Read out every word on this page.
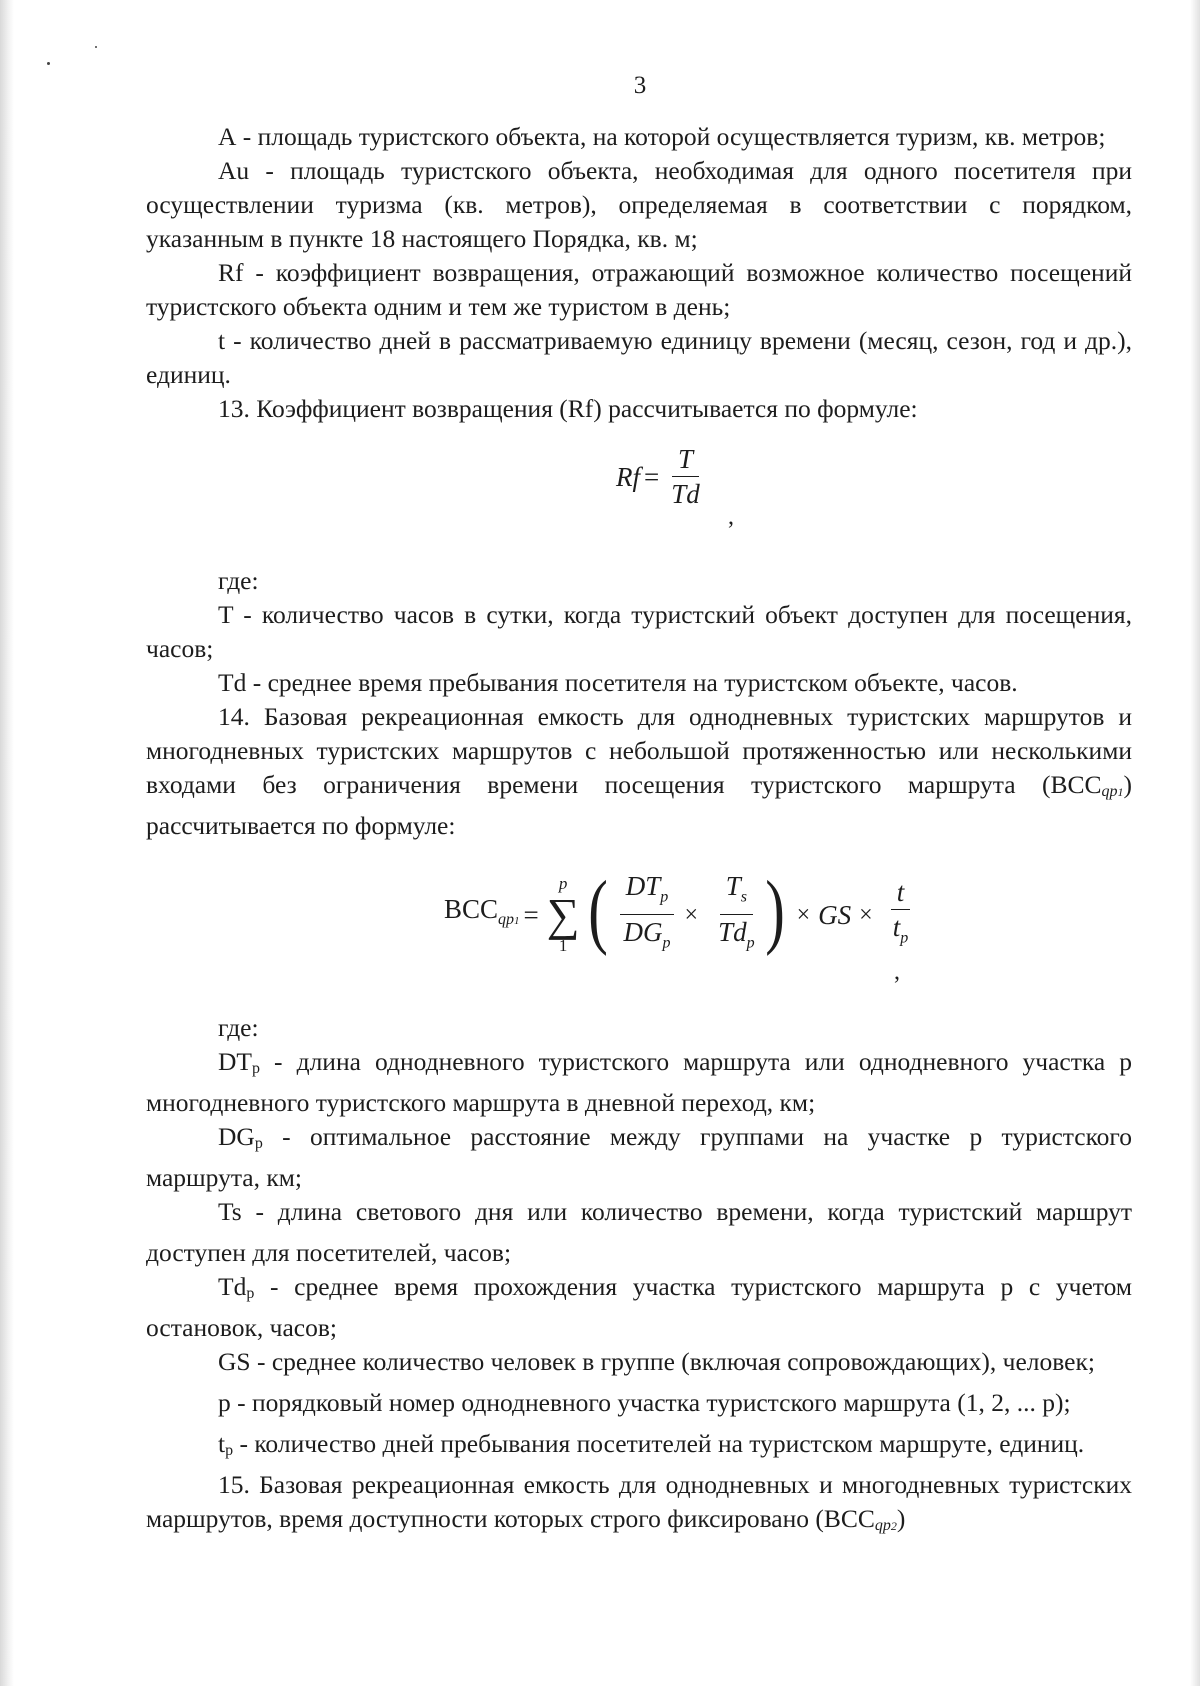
3

А - площадь туристского объекта, на которой осуществляется туризм, кв. метров;

Au - площадь туристского объекта, необходимая для одного посетителя при осуществлении туризма (кв. метров), определяемая в соответствии с порядком, указанным в пункте 18 настоящего Порядка, кв. м;

Rf - коэффициент возвращения, отражающий возможное количество посещений туристского объекта одним и тем же туристом в день;

t - количество дней в рассматриваемую единицу времени (месяц, сезон, год и др.), единиц.

13. Коэффициент возвращения (Rf) рассчитывается по формуле:

$Rf = \frac{T}{Td}$
,

где:

T - количество часов в сутки, когда туристский объект доступен для посещения, часов;

Td - среднее время пребывания посетителя на туристском объекте, часов.

14. Базовая рекреационная емкость для однодневных туристских маршрутов и многодневных туристских маршрутов с небольшой протяженностью или несколькими входами без ограничения времени посещения туристского маршрута (BCCqp1) рассчитывается по формуле:

$BCC_{qp1}$ =
p
∑
1 ( $\frac{DT_p}{DG_p} \times \frac{T_s}{Td_p}$ ) × GS × $\frac{t}{t_p}$
,

где:

DTp - длина однодневного туристского маршрута или однодневного участка p многодневного туристского маршрута в дневной переход, км;

DGp - оптимальное расстояние между группами на участке p туристского маршрута, км;

Ts - длина светового дня или количество времени, когда туристский маршрут доступен для посетителей, часов;

Tdp - среднее время прохождения участка туристского маршрута p с учетом остановок, часов;

GS - среднее количество человек в группе (включая сопровождающих), человек;

p - порядковый номер однодневного участка туристского маршрута (1, 2, ... p);

tp - количество дней пребывания посетителей на туристском маршруте, единиц.

15. Базовая рекреационная емкость для однодневных и многодневных туристских маршрутов, время доступности которых строго фиксировано (BCCqp2)
